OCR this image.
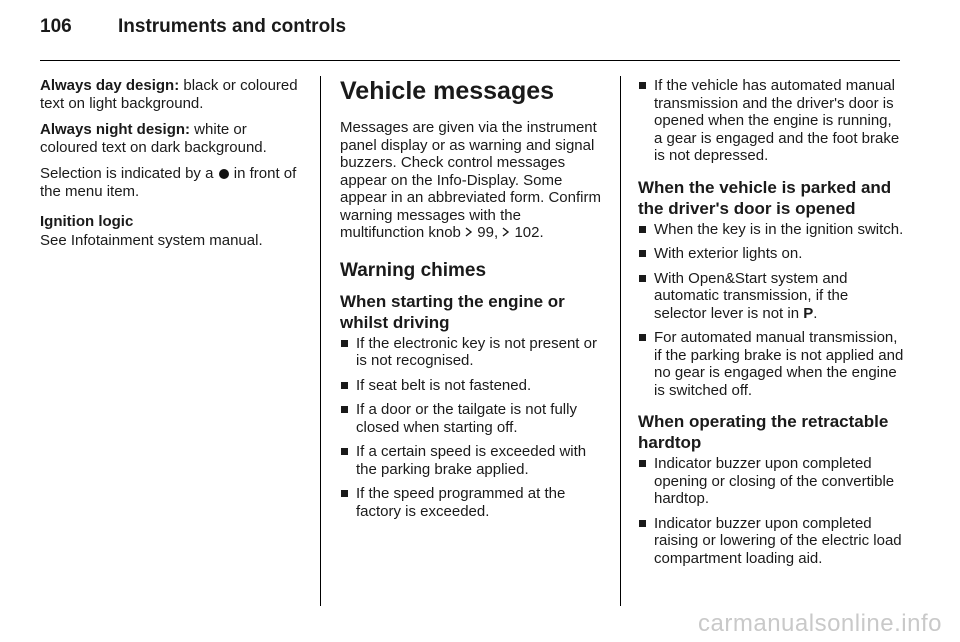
106	Instruments and controls

Always day design: black or coloured text on light background.

Always night design: white or coloured text on dark background.

Selection is indicated by a  in front of the menu item.

Ignition logic

See Infotainment system manual.

Vehicle messages

Messages are given via the instrument panel display or as warning and signal buzzers. Check control messages appear on the Info-Display. Some appear in an abbreviated form. Confirm warning messages with the multifunction knob  99,  102.

Warning chimes
When starting the engine or whilst driving
If the electronic key is not present or is not recognised.
If seat belt is not fastened.
If a door or the tailgate is not fully closed when starting off.
If a certain speed is exceeded with the parking brake applied.
If the speed programmed at the factory is exceeded.
If the vehicle has automated manual transmission and the driver's door is opened when the engine is running, a gear is engaged and the foot brake is not depressed.
When the vehicle is parked and the driver's door is opened
When the key is in the ignition switch.
With exterior lights on.
With Open&Start system and automatic transmission, if the selector lever is not in P.
For automated manual transmission, if the parking brake is not applied and no gear is engaged when the engine is switched off.
When operating the retractable hardtop
Indicator buzzer upon completed opening or closing of the convertible hardtop.
Indicator buzzer upon completed raising or lowering of the electric load compartment loading aid.
carmanualsonline.info
